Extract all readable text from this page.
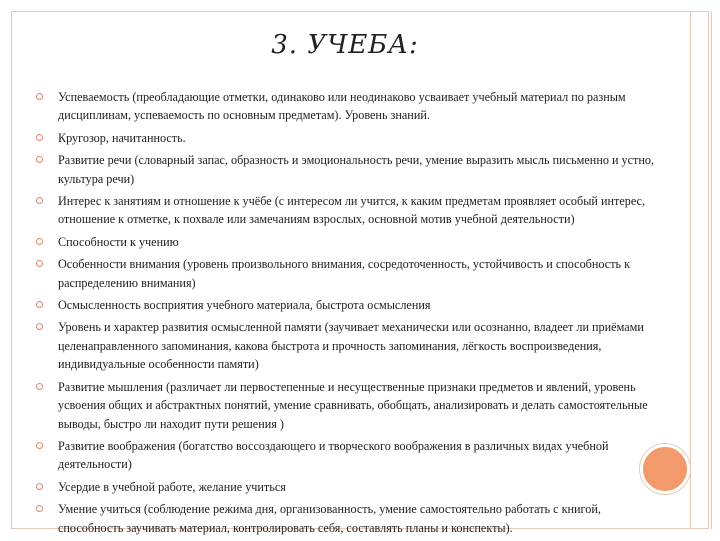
3. УЧЕБА:
Успеваемость (преобладающие отметки, одинаково или неодинаково усваивает учебный материал по разным дисциплинам, успеваемость по основным предметам). Уровень знаний.
Кругозор, начитанность.
Развитие речи (словарный запас, образность и эмоциональность речи, умение выразить мысль письменно и устно, культура речи)
Интерес к занятиям и отношение к учёбе (с интересом ли учится, к каким предметам проявляет особый интерес, отношение к отметке, к похвале или замечаниям взрослых, основной мотив учебной деятельности)
Способности к учению
Особенности внимания (уровень произвольного внимания, сосредоточенность, устойчивость и способность к распределению внимания)
Осмысленность восприятия учебного материала, быстрота осмысления
Уровень и характер развития осмысленной памяти (заучивает механически или осознанно, владеет ли приёмами целенаправленного запоминания, какова быстрота и прочность запоминания, лёгкость воспроизведения, индивидуальные особенности памяти)
Развитие мышления (различает ли первостепенные и несущественные признаки предметов и явлений, уровень усвоения общих и абстрактных понятий, умение сравнивать, обобщать, анализировать и делать самостоятельные выводы, быстро ли находит пути решения )
Развитие воображения (богатство воссоздающего и творческого воображения в различных видах учебной деятельности)
Усердие в учебной работе, желание учиться
Умение учиться (соблюдение режима дня, организованность, умение самостоятельно работать с книгой, способность заучивать материал, контролировать себя, составлять планы и конспекты).
